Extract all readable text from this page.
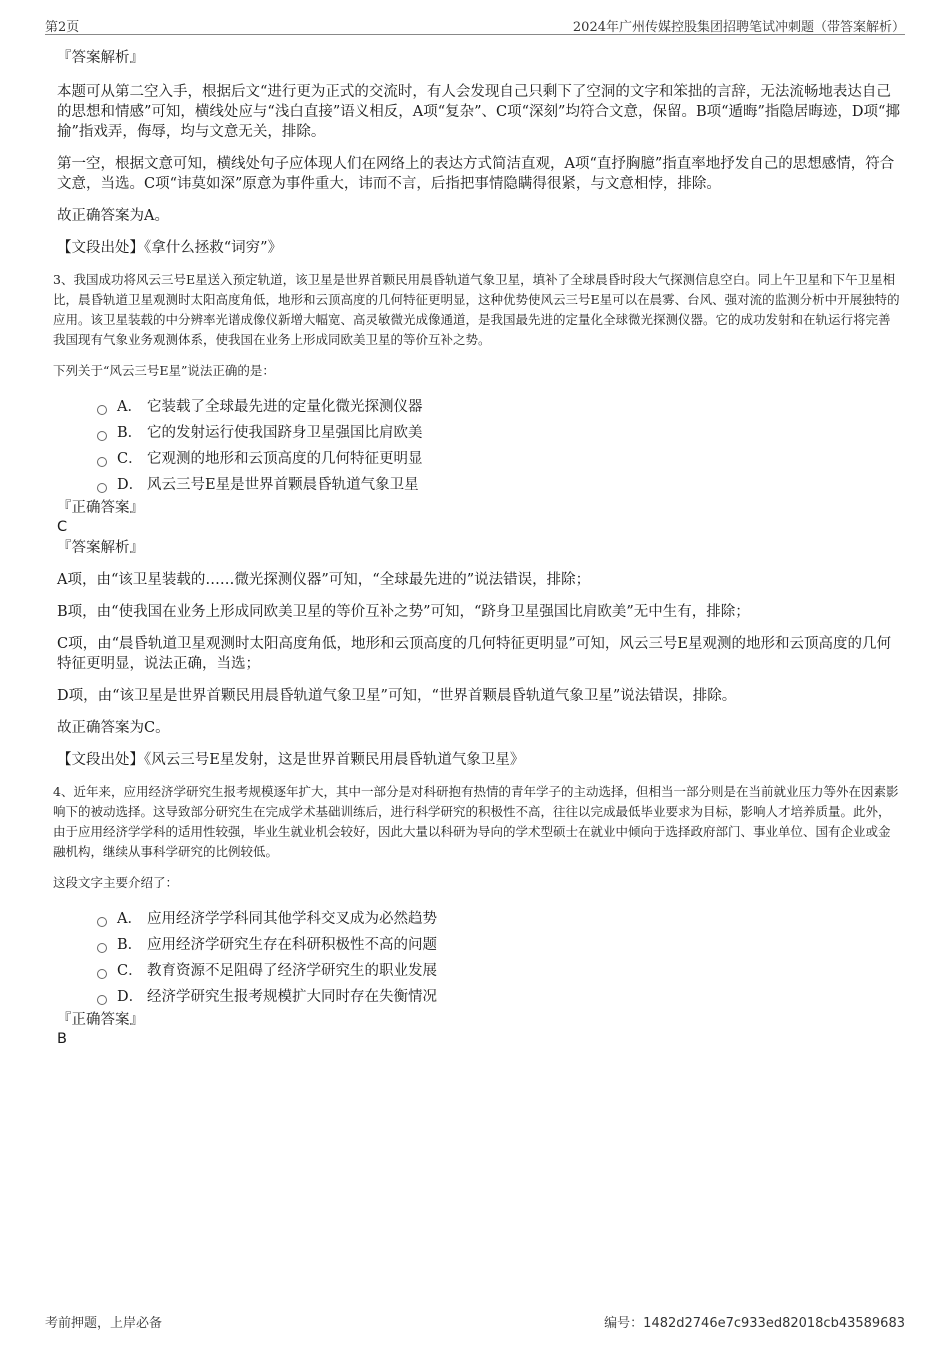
第2页	2024年广州传媒控股集团招聘笔试冲刺题（带答案解析）
『答案解析』

本题可从第二空入手，根据后文“进行更为正式的交流时，有人会发现自己只剩下了空洞的文字和笨拙的言辞，无法流畅地表达自己的思想和情感”可知，横线处应与“浅白直接”语义相反，A项“复杂”、C项“深刻”均符合文意，保留。B项“遁晦”指隐居晦迹，D项“揶揄”指戏弄，侮辱，均与文意无关，排除。

第一空，根据文意可知，横线处句子应体现人们在网络上的表达方式简洁直观，A项“直抒胸臆”指直率地抒发自己的思想感情，符合文意，当选。C项“讳莫如深”原意为事件重大，讳而不言，后指把事情隐瞒得很紧，与文意相悖，排除。

故正确答案为A。

【文段出处】《拿什么拯救“词穷”》

3、我国成功将风云三号E星送入预定轨道，该卫星是世界首颗民用晨昏轨道气象卫星，填补了全球晨昏时段大气探测信息空白。同上午卫星和下午卫星相比，晨昏轨道卫星观测时太阳高度角低，地形和云顶高度的几何特征更明显，这种优势使风云三号E星可以在晨雾、台风、强对流的监测分析中开展独特的应用。该卫星装载的中分辨率光谱成像仪新增大幅宽、高灵敏微光成像通道，是我国最先进的定量化全球微光探测仪器。它的成功发射和在轨运行将完善我国现有气象业务观测体系，使我国在业务上形成同欧美卫星的等价互补之势。

下列关于“风云三号E星”说法正确的是：

A． 它装载了全球最先进的定量化微光探测仪器
B． 它的发射运行使我国跻身卫星强国比肩欧美
C． 它观测的地形和云顶高度的几何特征更明显
D． 风云三号E星是世界首颗晨昏轨道气象卫星
『正确答案』
C
『答案解析』

A项，由“该卫星装载的……微光探测仪器”可知，“全球最先进的”说法错误，排除；

B项，由“使我国在业务上形成同欧美卫星的等价互补之势”可知，“跻身卫星强国比肩欧美”无中生有，排除；

C项，由“晨昏轨道卫星观测时太阳高度角低，地形和云顶高度的几何特征更明显”可知，风云三号E星观测的地形和云顶高度的几何特征更明显，说法正确，当选；

D项，由“该卫星是世界首颗民用晨昏轨道气象卫星”可知，“世界首颗晨昏轨道气象卫星”说法错误，排除。

故正确答案为C。

【文段出处】《风云三号E星发射，这是世界首颗民用晨昏轨道气象卫星》

4、近年来，应用经济学研究生报考规模逐年扩大，其中一部分是对科研抱有热情的青年学子的主动选择，但相当一部分则是在当前就业压力等外在因素影响下的被动选择。这导致部分研究生在完成学术基础训练后，进行科学研究的积极性不高，往往以完成最低毕业要求为目标，影响人才培养质量。此外，由于应用经济学学科的适用性较强，毕业生就业机会较好，因此大量以科研为导向的学术型硕士在就业中倾向于选择政府部门、事业单位、国有企业或金融机构，继续从事科学研究的比例较低。

这段文字主要介绍了：

A． 应用经济学学科同其他学科交叉成为必然趋势
B． 应用经济学研究生存在科研积极性不高的问题
C． 教育资源不足阻碍了经济学研究生的职业发展
D． 经济学研究生报考规模扩大同时存在失衡情况
『正确答案』
B
考前押题，上岸必备	编号：1482d2746e7c933ed82018cb43589683
